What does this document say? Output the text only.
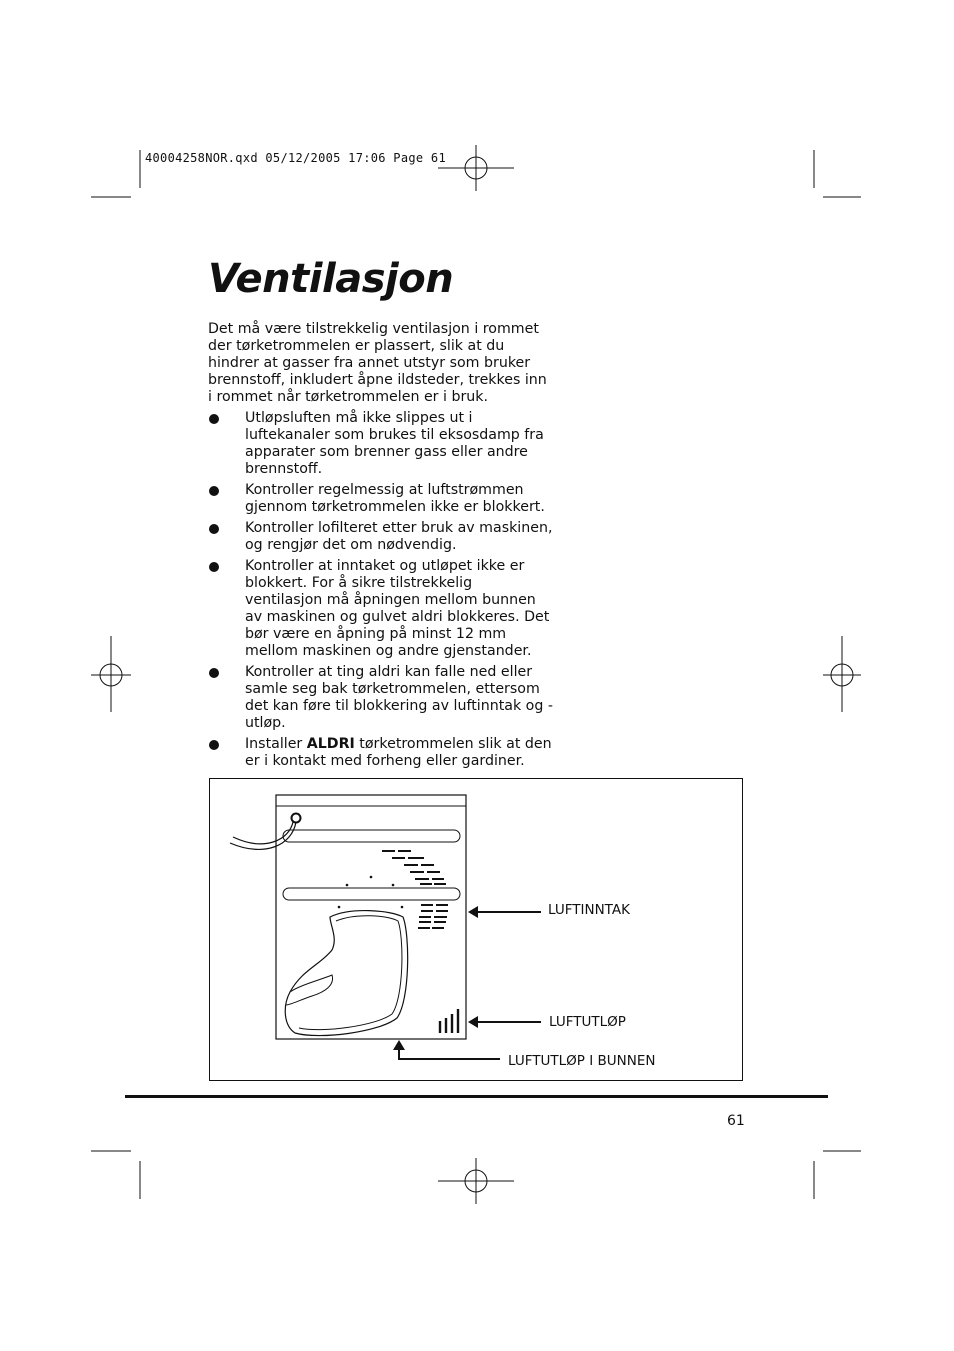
40004258NOR.qxd 05/12/2005 17:06 Page 61
Ventilasjon

Det må være tilstrekkelig ventilasjon i rommet der tørketrommelen er plassert, slik at du hindrer at gasser fra annet utstyr som bruker brennstoff, inkludert åpne ildsteder, trekkes inn i rommet når tørketrommelen er i bruk.

Utløpsluften må ikke slippes ut i luftekanaler som brukes til eksosdamp fra apparater som brenner gass eller andre brennstoff.
Kontroller regelmessig at luftstrømmen gjennom tørketrommelen ikke er blokkert.
Kontroller lofilteret etter bruk av maskinen, og rengjør det om nødvendig.
Kontroller at inntaket og utløpet ikke er blokkert. For å sikre tilstrekkelig ventilasjon må åpningen mellom bunnen av maskinen og gulvet aldri blokkeres. Det bør være en åpning på minst 12 mm mellom maskinen og andre gjenstander.
Kontroller at ting aldri kan falle ned eller samle seg bak tørketrommelen, ettersom det kan føre til blokkering av luftinntak og -utløp.
Installer ALDRI tørketrommelen slik at den er i kontakt med forheng eller gardiner.
LUFTINNTAK
LUFTUTLØP
LUFTUTLØP I BUNNEN
61
